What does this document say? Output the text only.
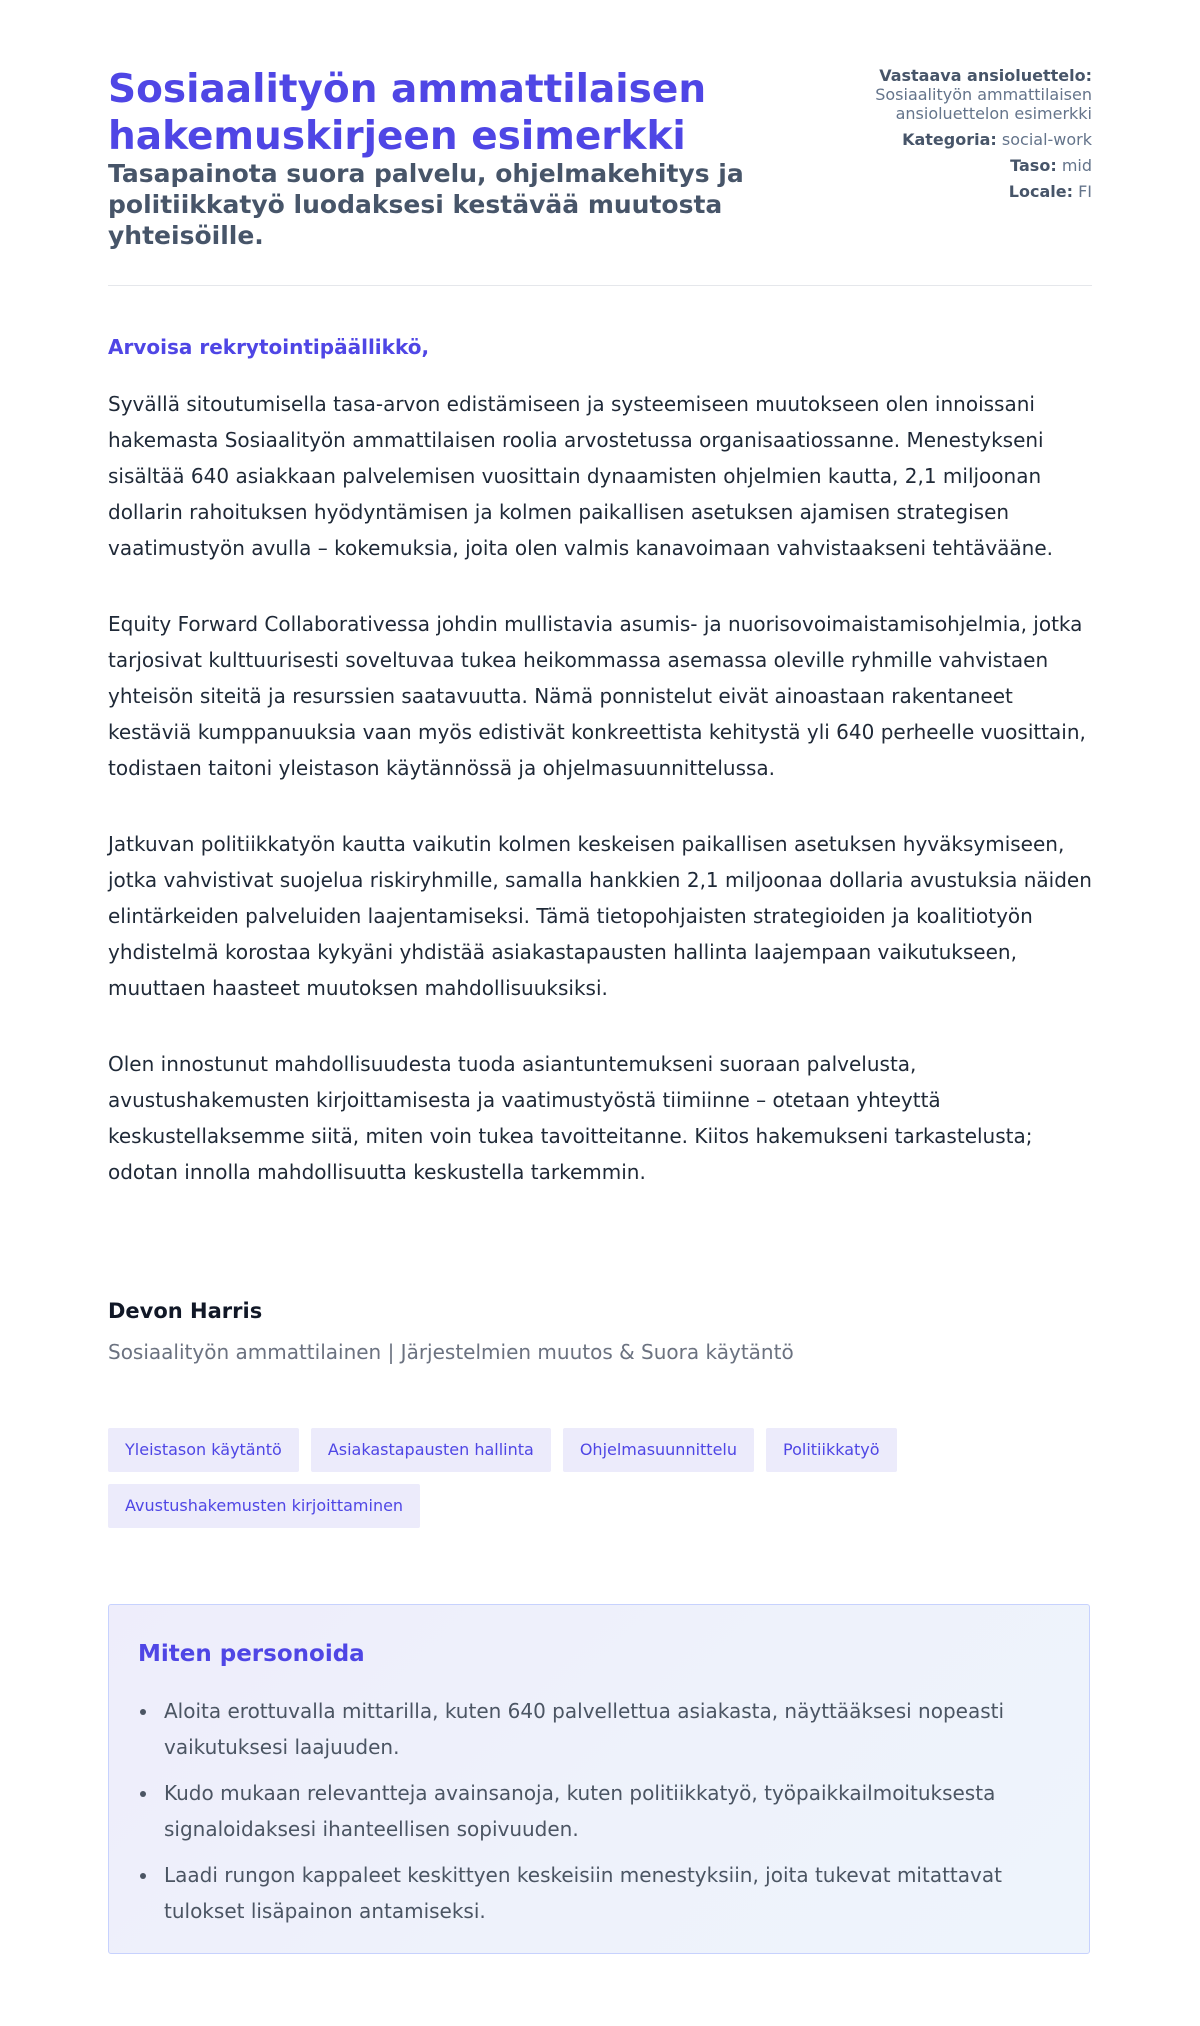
Sosiaalityön ammattilaisen hakemuskirjeen esimerkki
Tasapainota suora palvelu, ohjelmakehitys ja politiikkatyö luodaksesi kestävää muutosta yhteisöille.
Vastaava ansioluettelo:
Sosiaalityön ammattilaisen ansioluettelon esimerkki
Kategoria: social-work
Taso: mid
Locale: FI
Arvoisa rekrytointipäällikkö,

Syvällä sitoutumisella tasa-arvon edistämiseen ja systeemiseen muutokseen olen innoissani hakemasta Sosiaalityön ammattilaisen roolia arvostetussa organisaatiossanne. Menestykseni sisältää 640 asiakkaan palvelemisen vuosittain dynaamisten ohjelmien kautta, 2,1 miljoonan dollarin rahoituksen hyödyntämisen ja kolmen paikallisen asetuksen ajamisen strategisen vaatimustyön avulla – kokemuksia, joita olen valmis kanavoimaan vahvistaakseni tehtävääne.

Equity Forward Collaborativessa johdin mullistavia asumis- ja nuorisovoimaistamisohjelmia, jotka tarjosivat kulttuurisesti soveltuvaa tukea heikommassa asemassa oleville ryhmille vahvistaen yhteisön siteitä ja resurssien saatavuutta. Nämä ponnistelut eivät ainoastaan rakentaneet kestäviä kumppanuuksia vaan myös edistivät konkreettista kehitystä yli 640 perheelle vuosittain, todistaen taitoni yleistason käytännössä ja ohjelmasuunnittelussa.

Jatkuvan politiikkatyön kautta vaikutin kolmen keskeisen paikallisen asetuksen hyväksymiseen, jotka vahvistivat suojelua riskiryhmille, samalla hankkien 2,1 miljoonaa dollaria avustuksia näiden elintärkeiden palveluiden laajentamiseksi. Tämä tietopohjaisten strategioiden ja koalitiotyön yhdistelmä korostaa kykyäni yhdistää asiakastapausten hallinta laajempaan vaikutukseen, muuttaen haasteet muutoksen mahdollisuuksiksi.

Olen innostunut mahdollisuudesta tuoda asiantuntemukseni suoraan palvelusta, avustushakemusten kirjoittamisesta ja vaatimustyöstä tiimiinne – otetaan yhteyttä keskustellaksemme siitä, miten voin tukea tavoitteitanne. Kiitos hakemukseni tarkastelusta; odotan innolla mahdollisuutta keskustella tarkemmin.

Devon Harris
Sosiaalityön ammattilainen | Järjestelmien muutos & Suora käytäntö
Yleistason käytäntö	Asiakastapausten hallinta	Ohjelmasuunnittelu	Politiikkatyö
Avustushakemusten kirjoittaminen
Miten personoida
Aloita erottuvalla mittarilla, kuten 640 palvellettua asiakasta, näyttääksesi nopeasti vaikutuksesi laajuuden.
Kudo mukaan relevantteja avainsanoja, kuten politiikkatyö, työpaikkailmoituksesta signaloidaksesi ihanteellisen sopivuuden.
Laadi rungon kappaleet keskittyen keskeisiin menestyksiin, joita tukevat mitattavat tulokset lisäpainon antamiseksi.
